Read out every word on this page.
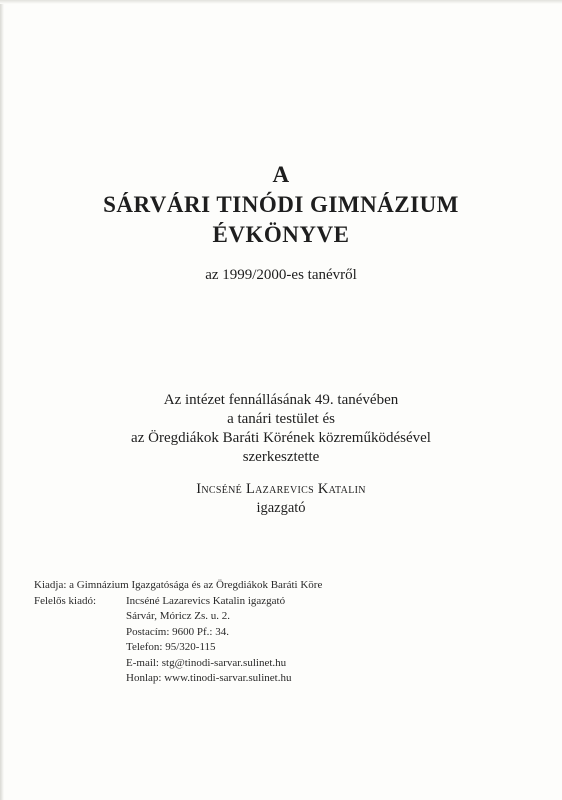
A

SÁRVÁRI TINÓDI GIMNÁZIUM

ÉVKÖNYVE

az 1999/2000-es tanévről

Az intézet fennállásának 49. tanévében

a tanári testület és

az Öregdiákok Baráti Körének közreműködésével

szerkesztette

Incséné Lazarevics Katalin

igazgató

Kiadja: a Gimnázium Igazgatósága és az Öregdiákok Baráti Köre
Felelős kiadó:	Incséné Lazarevics Katalin igazgató
Sárvár, Móricz Zs. u. 2.
Postacím: 9600 Pf.: 34.
Telefon: 95/320-115
E-mail: stg@tinodi-sarvar.sulinet.hu
Honlap: www.tinodi-sarvar.sulinet.hu
